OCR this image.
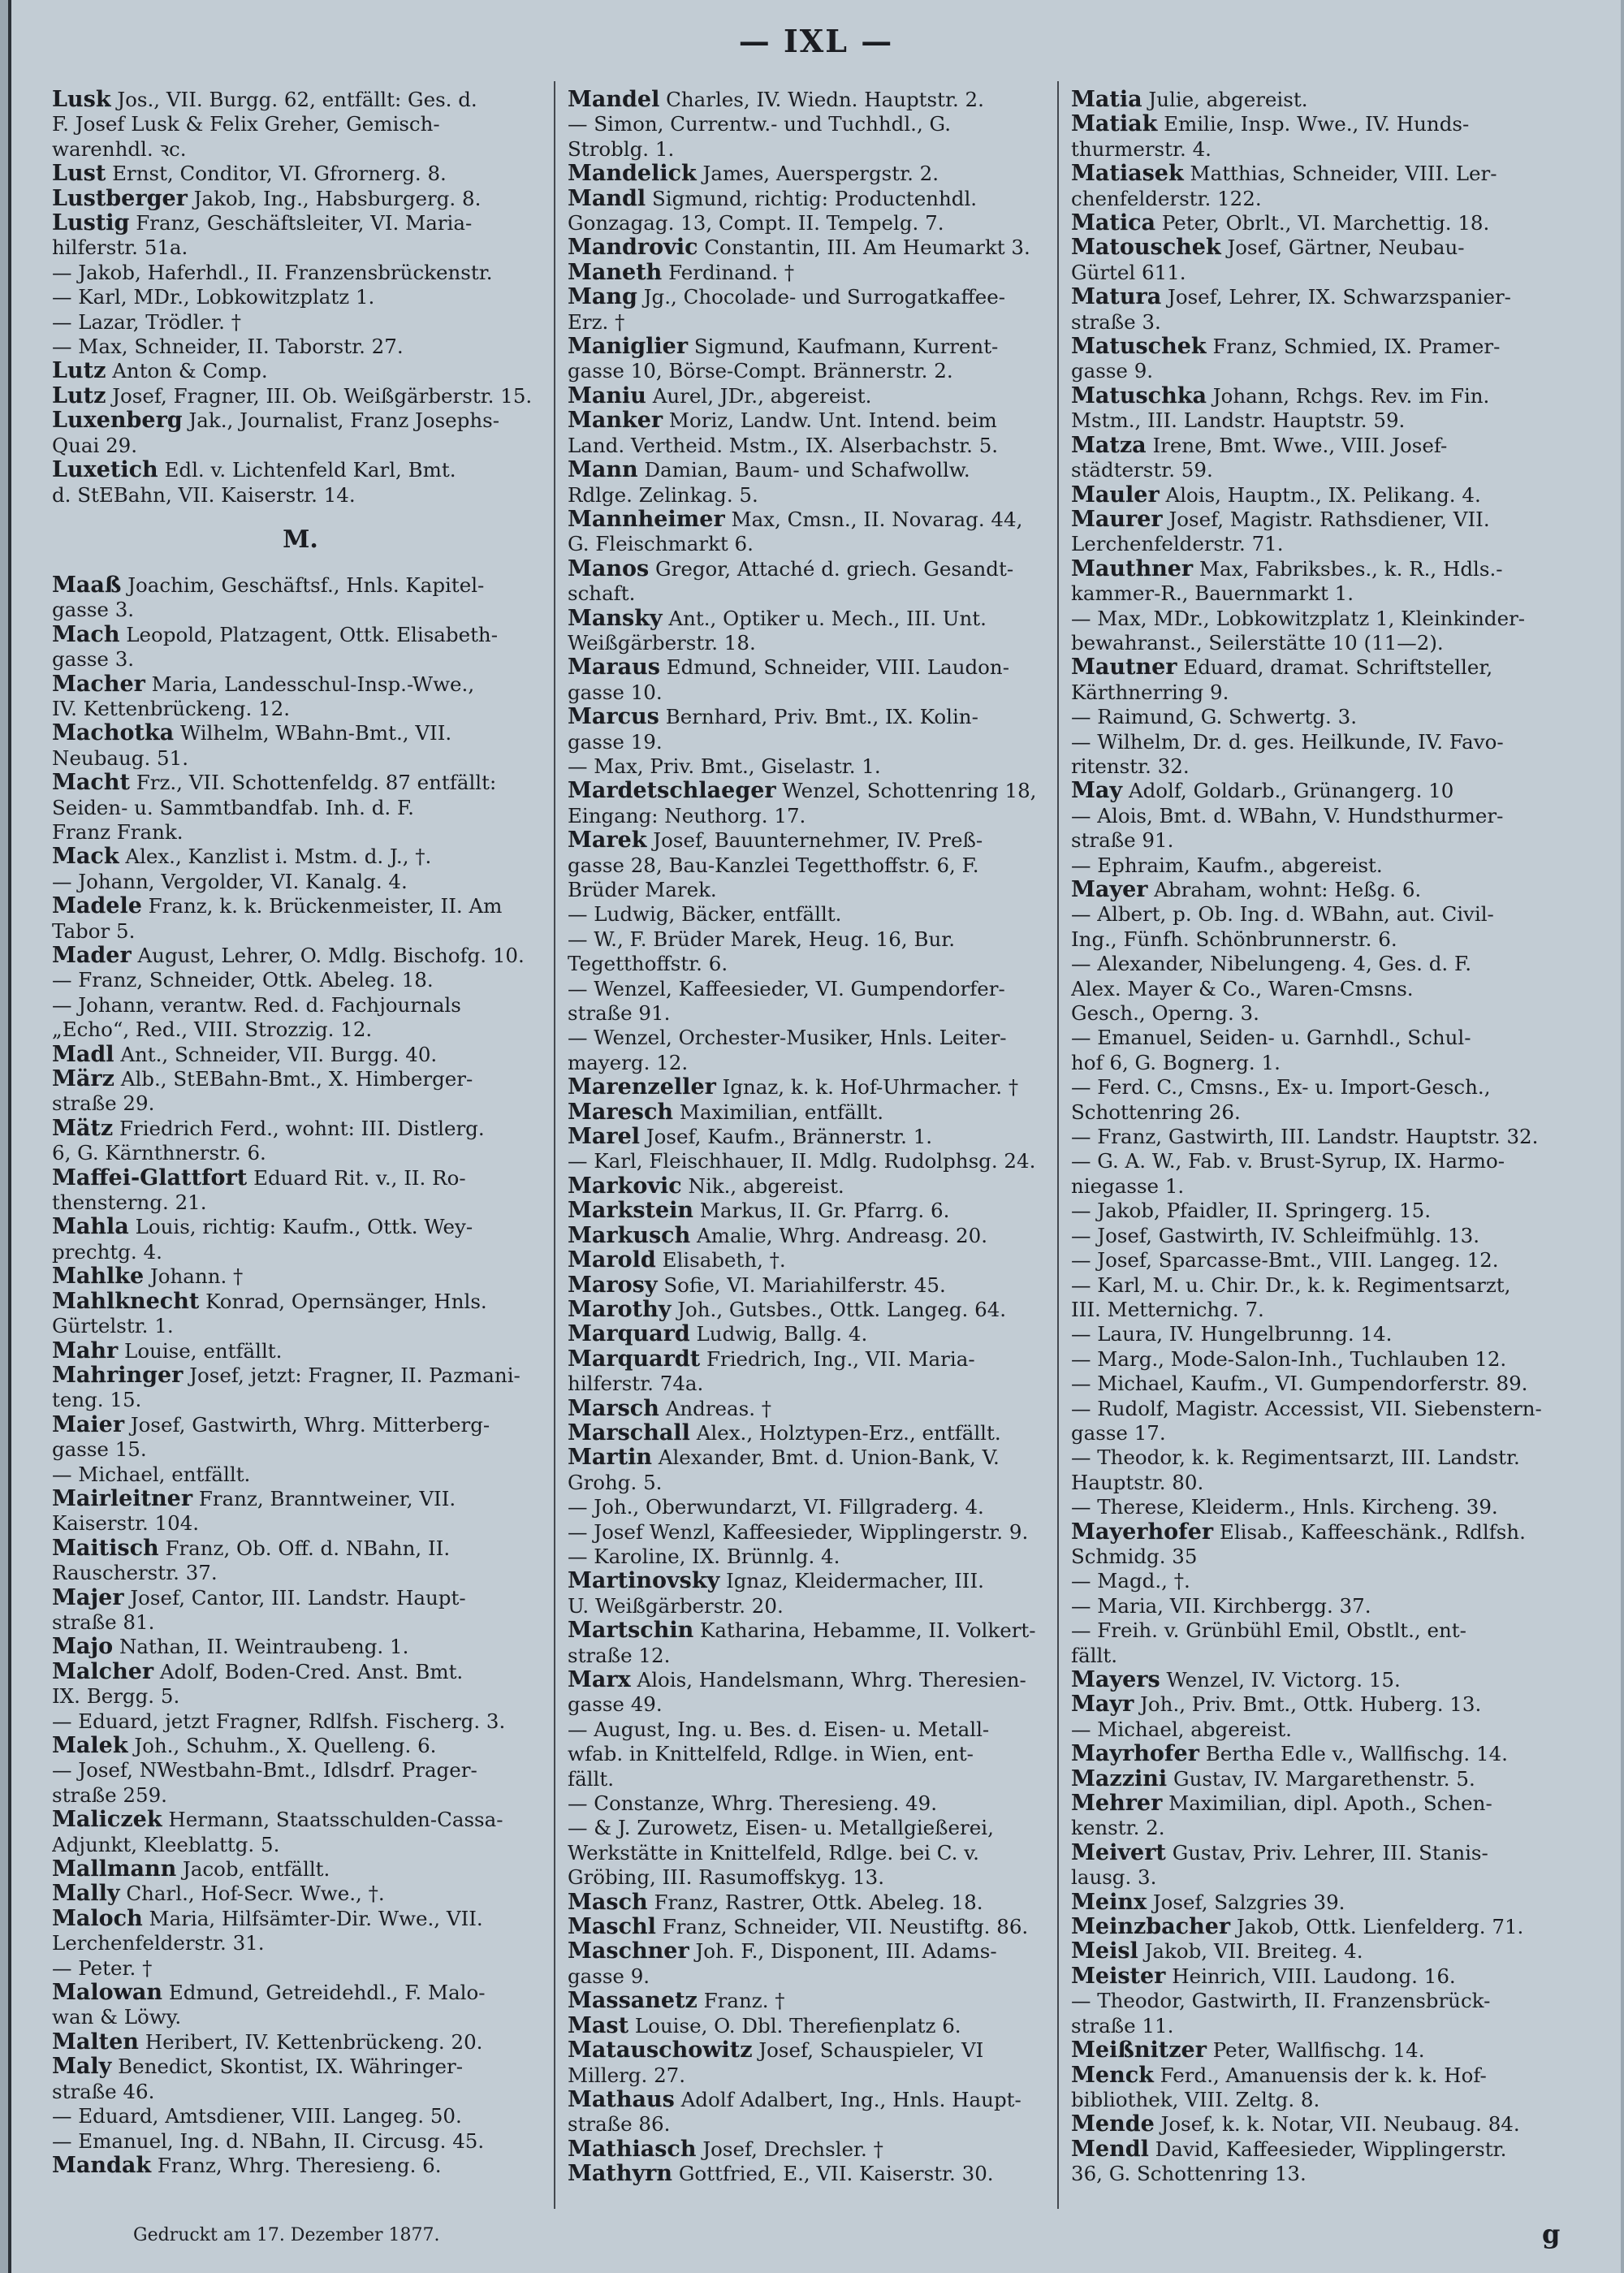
— IXL —
Lusk Jos., VII. Burgg. 62, entfällt: Ges. d.
F. Josef Lusk & Felix Greher, Gemisch-
warenhdl. ꝛc.
Lust Ernst, Conditor, VI. Gfrornerg. 8.
Lustberger Jakob, Ing., Habsburgerg. 8.
Lustig Franz, Geschäftsleiter, VI. Maria-
hilferstr. 51a.
— Jakob, Haferhdl., II. Franzensbrückenstr.
— Karl, MDr., Lobkowitzplatz 1.
— Lazar, Trödler. †
— Max, Schneider, II. Taborstr. 27.
Lutz Anton & Comp.
Lutz Josef, Fragner, III. Ob. Weißgärberstr. 15.
Luxenberg Jak., Journalist, Franz Josephs-
Quai 29.
Luxetich Edl. v. Lichtenfeld Karl, Bmt.
d. StEBahn, VII. Kaiserstr. 14.
M.
Maaß Joachim, Geschäftsf., Hnls. Kapitel-
gasse 3.
Mach Leopold, Platzagent, Ottk. Elisabeth-
gasse 3.
Macher Maria, Landesschul-Insp.-Wwe.,
IV. Kettenbrückeng. 12.
Machotka Wilhelm, WBahn-Bmt., VII.
Neubaug. 51.
Macht Frz., VII. Schottenfeldg. 87 entfällt:
Seiden- u. Sammtbandfab. Inh. d. F.
Franz Frank.
Mack Alex., Kanzlist i. Mstm. d. J., †.
— Johann, Vergolder, VI. Kanalg. 4.
Madele Franz, k. k. Brückenmeister, II. Am
Tabor 5.
Mader August, Lehrer, O. Mdlg. Bischofg. 10.
— Franz, Schneider, Ottk. Abeleg. 18.
— Johann, verantw. Red. d. Fachjournals
„Echo“, Red., VIII. Strozzig. 12.
Madl Ant., Schneider, VII. Burgg. 40.
März Alb., StEBahn-Bmt., X. Himberger-
straße 29.
Mätz Friedrich Ferd., wohnt: III. Distlerg.
6, G. Kärnthnerstr. 6.
Maffei-Glattfort Eduard Rit. v., II. Ro-
thensterng. 21.
Mahla Louis, richtig: Kaufm., Ottk. Wey-
prechtg. 4.
Mahlke Johann. †
Mahlknecht Konrad, Opernsänger, Hnls.
Gürtelstr. 1.
Mahr Louise, entfällt.
Mahringer Josef, jetzt: Fragner, II. Pazmani-
teng. 15.
Maier Josef, Gastwirth, Whrg. Mitterberg-
gasse 15.
— Michael, entfällt.
Mairleitner Franz, Branntweiner, VII.
Kaiserstr. 104.
Maitisch Franz, Ob. Off. d. NBahn, II.
Rauscherstr. 37.
Majer Josef, Cantor, III. Landstr. Haupt-
straße 81.
Majo Nathan, II. Weintraubeng. 1.
Malcher Adolf, Boden-Cred. Anst. Bmt.
IX. Bergg. 5.
— Eduard, jetzt Fragner, Rdlfsh. Fischerg. 3.
Malek Joh., Schuhm., X. Quelleng. 6.
— Josef, NWestbahn-Bmt., Idlsdrf. Prager-
straße 259.
Maliczek Hermann, Staatsschulden-Cassa-
Adjunkt, Kleeblattg. 5.
Mallmann Jacob, entfällt.
Mally Charl., Hof-Secr. Wwe., †.
Maloch Maria, Hilfsämter-Dir. Wwe., VII.
Lerchenfelderstr. 31.
— Peter. †
Malowan Edmund, Getreidehdl., F. Malo-
wan & Löwy.
Malten Heribert, IV. Kettenbrückeng. 20.
Maly Benedict, Skontist, IX. Währinger-
straße 46.
— Eduard, Amtsdiener, VIII. Langeg. 50.
— Emanuel, Ing. d. NBahn, II. Circusg. 45.
Mandak Franz, Whrg. Theresieng. 6.
Mandel Charles, IV. Wiedn. Hauptstr. 2.
— Simon, Currentw.- und Tuchhdl., G.
Stroblg. 1.
Mandelick James, Auerspergstr. 2.
Mandl Sigmund, richtig: Productenhdl.
Gonzagag. 13, Compt. II. Tempelg. 7.
Mandrovic Constantin, III. Am Heumarkt 3.
Maneth Ferdinand. †
Mang Jg., Chocolade- und Surrogatkaffee-
Erz. †
Maniglier Sigmund, Kaufmann, Kurrent-
gasse 10, Börse-Compt. Brännerstr. 2.
Maniu Aurel, JDr., abgereist.
Manker Moriz, Landw. Unt. Intend. beim
Land. Vertheid. Mstm., IX. Alserbachstr. 5.
Mann Damian, Baum- und Schafwollw.
Rdlge. Zelinkag. 5.
Mannheimer Max, Cmsn., II. Novarag. 44,
G. Fleischmarkt 6.
Manos Gregor, Attaché d. griech. Gesandt-
schaft.
Mansky Ant., Optiker u. Mech., III. Unt.
Weißgärberstr. 18.
Maraus Edmund, Schneider, VIII. Laudon-
gasse 10.
Marcus Bernhard, Priv. Bmt., IX. Kolin-
gasse 19.
— Max, Priv. Bmt., Giselastr. 1.
Mardetschlaeger Wenzel, Schottenring 18,
Eingang: Neuthorg. 17.
Marek Josef, Bauunternehmer, IV. Preß-
gasse 28, Bau-Kanzlei Tegetthoffstr. 6, F.
Brüder Marek.
— Ludwig, Bäcker, entfällt.
— W., F. Brüder Marek, Heug. 16, Bur.
Tegetthoffstr. 6.
— Wenzel, Kaffeesieder, VI. Gumpendorfer-
straße 91.
— Wenzel, Orchester-Musiker, Hnls. Leiter-
mayerg. 12.
Marenzeller Ignaz, k. k. Hof-Uhrmacher. †
Maresch Maximilian, entfällt.
Marel Josef, Kaufm., Brännerstr. 1.
— Karl, Fleischhauer, II. Mdlg. Rudolphsg. 24.
Markovic Nik., abgereist.
Markstein Markus, II. Gr. Pfarrg. 6.
Markusch Amalie, Whrg. Andreasg. 20.
Marold Elisabeth, †.
Marosy Sofie, VI. Mariahilferstr. 45.
Marothy Joh., Gutsbes., Ottk. Langeg. 64.
Marquard Ludwig, Ballg. 4.
Marquardt Friedrich, Ing., VII. Maria-
hilferstr. 74a.
Marsch Andreas. †
Marschall Alex., Holztypen-Erz., entfällt.
Martin Alexander, Bmt. d. Union-Bank, V.
Grohg. 5.
— Joh., Oberwundarzt, VI. Fillgraderg. 4.
— Josef Wenzl, Kaffeesieder, Wipplingerstr. 9.
— Karoline, IX. Brünnlg. 4.
Martinovsky Ignaz, Kleidermacher, III.
U. Weißgärberstr. 20.
Martschin Katharina, Hebamme, II. Volkert-
straße 12.
Marx Alois, Handelsmann, Whrg. Theresien-
gasse 49.
— August, Ing. u. Bes. d. Eisen- u. Metall-
wfab. in Knittelfeld, Rdlge. in Wien, ent-
fällt.
— Constanze, Whrg. Theresieng. 49.
— & J. Zurowetz, Eisen- u. Metallgießerei,
Werkstätte in Knittelfeld, Rdlge. bei C. v.
Gröbing, III. Rasumoffskyg. 13.
Masch Franz, Rastrer, Ottk. Abeleg. 18.
Maschl Franz, Schneider, VII. Neustiftg. 86.
Maschner Joh. F., Disponent, III. Adams-
gasse 9.
Massanetz Franz. †
Mast Louise, O. Dbl. Therefienplatz 6.
Matauschowitz Josef, Schauspieler, VI
Millerg. 27.
Mathaus Adolf Adalbert, Ing., Hnls. Haupt-
straße 86.
Mathiasch Josef, Drechsler. †
Mathyrn Gottfried, E., VII. Kaiserstr. 30.
Matia Julie, abgereist.
Matiak Emilie, Insp. Wwe., IV. Hunds-
thurmerstr. 4.
Matiasek Matthias, Schneider, VIII. Ler-
chenfelderstr. 122.
Matica Peter, Obrlt., VI. Marchettig. 18.
Matouschek Josef, Gärtner, Neubau-
Gürtel 611.
Matura Josef, Lehrer, IX. Schwarzspanier-
straße 3.
Matuschek Franz, Schmied, IX. Pramer-
gasse 9.
Matuschka Johann, Rchgs. Rev. im Fin.
Mstm., III. Landstr. Hauptstr. 59.
Matza Irene, Bmt. Wwe., VIII. Josef-
städterstr. 59.
Mauler Alois, Hauptm., IX. Pelikang. 4.
Maurer Josef, Magistr. Rathsdiener, VII.
Lerchenfelderstr. 71.
Mauthner Max, Fabriksbes., k. R., Hdls.-
kammer-R., Bauernmarkt 1.
— Max, MDr., Lobkowitzplatz 1, Kleinkinder-
bewahranst., Seilerstätte 10 (11—2).
Mautner Eduard, dramat. Schriftsteller,
Kärthnerring 9.
— Raimund, G. Schwertg. 3.
— Wilhelm, Dr. d. ges. Heilkunde, IV. Favo-
ritenstr. 32.
May Adolf, Goldarb., Grünangerg. 10
— Alois, Bmt. d. WBahn, V. Hundsthurmer-
straße 91.
— Ephraim, Kaufm., abgereist.
Mayer Abraham, wohnt: Heßg. 6.
— Albert, p. Ob. Ing. d. WBahn, aut. Civil-
Ing., Fünfh. Schönbrunnerstr. 6.
— Alexander, Nibelungeng. 4, Ges. d. F.
Alex. Mayer & Co., Waren-Cmsns.
Gesch., Operng. 3.
— Emanuel, Seiden- u. Garnhdl., Schul-
hof 6, G. Bognerg. 1.
— Ferd. C., Cmsns., Ex- u. Import-Gesch.,
Schottenring 26.
— Franz, Gastwirth, III. Landstr. Hauptstr. 32.
— G. A. W., Fab. v. Brust-Syrup, IX. Harmo-
niegasse 1.
— Jakob, Pfaidler, II. Springerg. 15.
— Josef, Gastwirth, IV. Schleifmühlg. 13.
— Josef, Sparcasse-Bmt., VIII. Langeg. 12.
— Karl, M. u. Chir. Dr., k. k. Regimentsarzt,
III. Metternichg. 7.
— Laura, IV. Hungelbrunng. 14.
— Marg., Mode-Salon-Inh., Tuchlauben 12.
— Michael, Kaufm., VI. Gumpendorferstr. 89.
— Rudolf, Magistr. Accessist, VII. Siebenstern-
gasse 17.
— Theodor, k. k. Regimentsarzt, III. Landstr.
Hauptstr. 80.
— Therese, Kleiderm., Hnls. Kircheng. 39.
Mayerhofer Elisab., Kaffeeschänk., Rdlfsh.
Schmidg. 35
— Magd., †.
— Maria, VII. Kirchbergg. 37.
— Freih. v. Grünbühl Emil, Obstlt., ent-
fällt.
Mayers Wenzel, IV. Victorg. 15.
Mayr Joh., Priv. Bmt., Ottk. Huberg. 13.
— Michael, abgereist.
Mayrhofer Bertha Edle v., Wallfischg. 14.
Mazzini Gustav, IV. Margarethenstr. 5.
Mehrer Maximilian, dipl. Apoth., Schen-
kenstr. 2.
Meivert Gustav, Priv. Lehrer, III. Stanis-
lausg. 3.
Meinx Josef, Salzgries 39.
Meinzbacher Jakob, Ottk. Lienfelderg. 71.
Meisl Jakob, VII. Breiteg. 4.
Meister Heinrich, VIII. Laudong. 16.
— Theodor, Gastwirth, II. Franzensbrück-
straße 11.
Meißnitzer Peter, Wallfischg. 14.
Menck Ferd., Amanuensis der k. k. Hof-
bibliothek, VIII. Zeltg. 8.
Mende Josef, k. k. Notar, VII. Neubaug. 84.
Mendl David, Kaffeesieder, Wipplingerstr.
36, G. Schottenring 13.
Gedruckt am 17. Dezember 1877.	g
